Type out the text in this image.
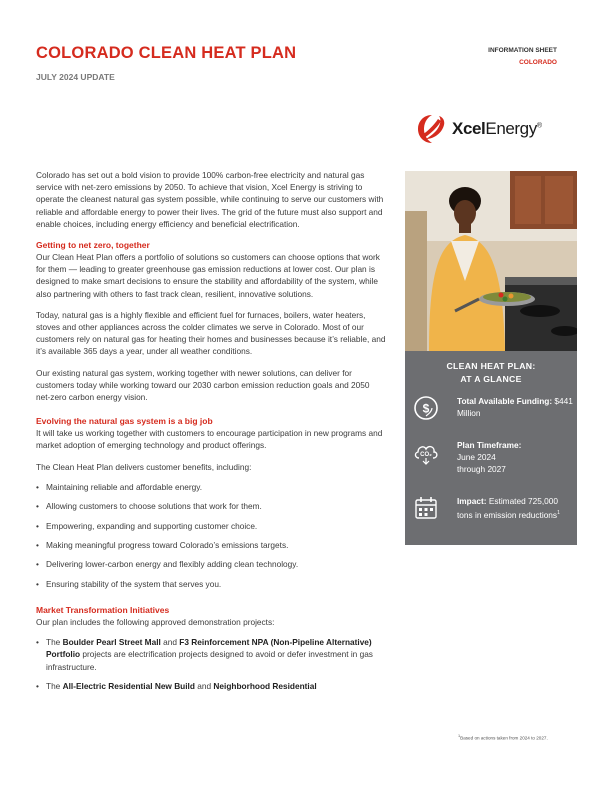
COLORADO CLEAN HEAT PLAN
JULY 2024 UPDATE
INFORMATION SHEET
COLORADO
XcelEnergy®

Colorado has set out a bold vision to provide 100% carbon-free electricity and natural gas service with net-zero emissions by 2050. To achieve that vision, Xcel Energy is striving to operate the cleanest natural gas system possible, while continuing to serve our customers with reliable and affordable energy to power their lives. The grid of the future must also support and enable choices, including energy efficiency and beneficial electrification.

Getting to net zero, together

Our Clean Heat Plan offers a portfolio of solutions so customers can choose options that work for them — leading to greater greenhouse gas emission reductions at lower cost. Our plan is designed to make smart decisions to ensure the stability and affordability of the system, while also partnering with others to fast track clean, resilient, innovative solutions.

Today, natural gas is a highly flexible and efficient fuel for furnaces, boilers, water heaters, stoves and other appliances across the colder climates we serve in Colorado. Most of our customers rely on natural gas for heating their homes and businesses because it’s reliable, and it’s available 365 days a year, under all weather conditions.

Our existing natural gas system, working together with newer solutions, can deliver for customers today while working toward our 2030 carbon emission reduction goals and 2050 net-zero carbon energy vision.

Evolving the natural gas system is a big job

It will take us working together with customers to encourage participation in new programs and market adoption of emerging technology and product offerings.

The Clean Heat Plan delivers customer benefits, including:

• Maintaining reliable and affordable energy.
• Allowing customers to choose solutions that work for them.
• Empowering, expanding and supporting customer choice.
• Making meaningful progress toward Colorado’s emissions targets.
• Delivering lower-carbon energy and flexibly adding clean technology.
• Ensuring stability of the system that serves you.
Market Transformation Initiatives

Our plan includes the following approved demonstration projects:

• The Boulder Pearl Street Mall and F3 Reinforcement NPA (Non-Pipeline Alternative) Portfolio projects are electrification projects designed to avoid or defer investment in gas infrastructure.
• The All-Electric Residential New Build and Neighborhood Residential
CLEAN HEAT PLAN:
AT A GLANCE
$
Total Available Funding: $441 Million
CO₂
Plan Timeframe:
June 2024
through 2027
Impact: Estimated 725,000 tons in emission reductions$^1$
$^1$Based on actions taken from 2024 to 2027.
